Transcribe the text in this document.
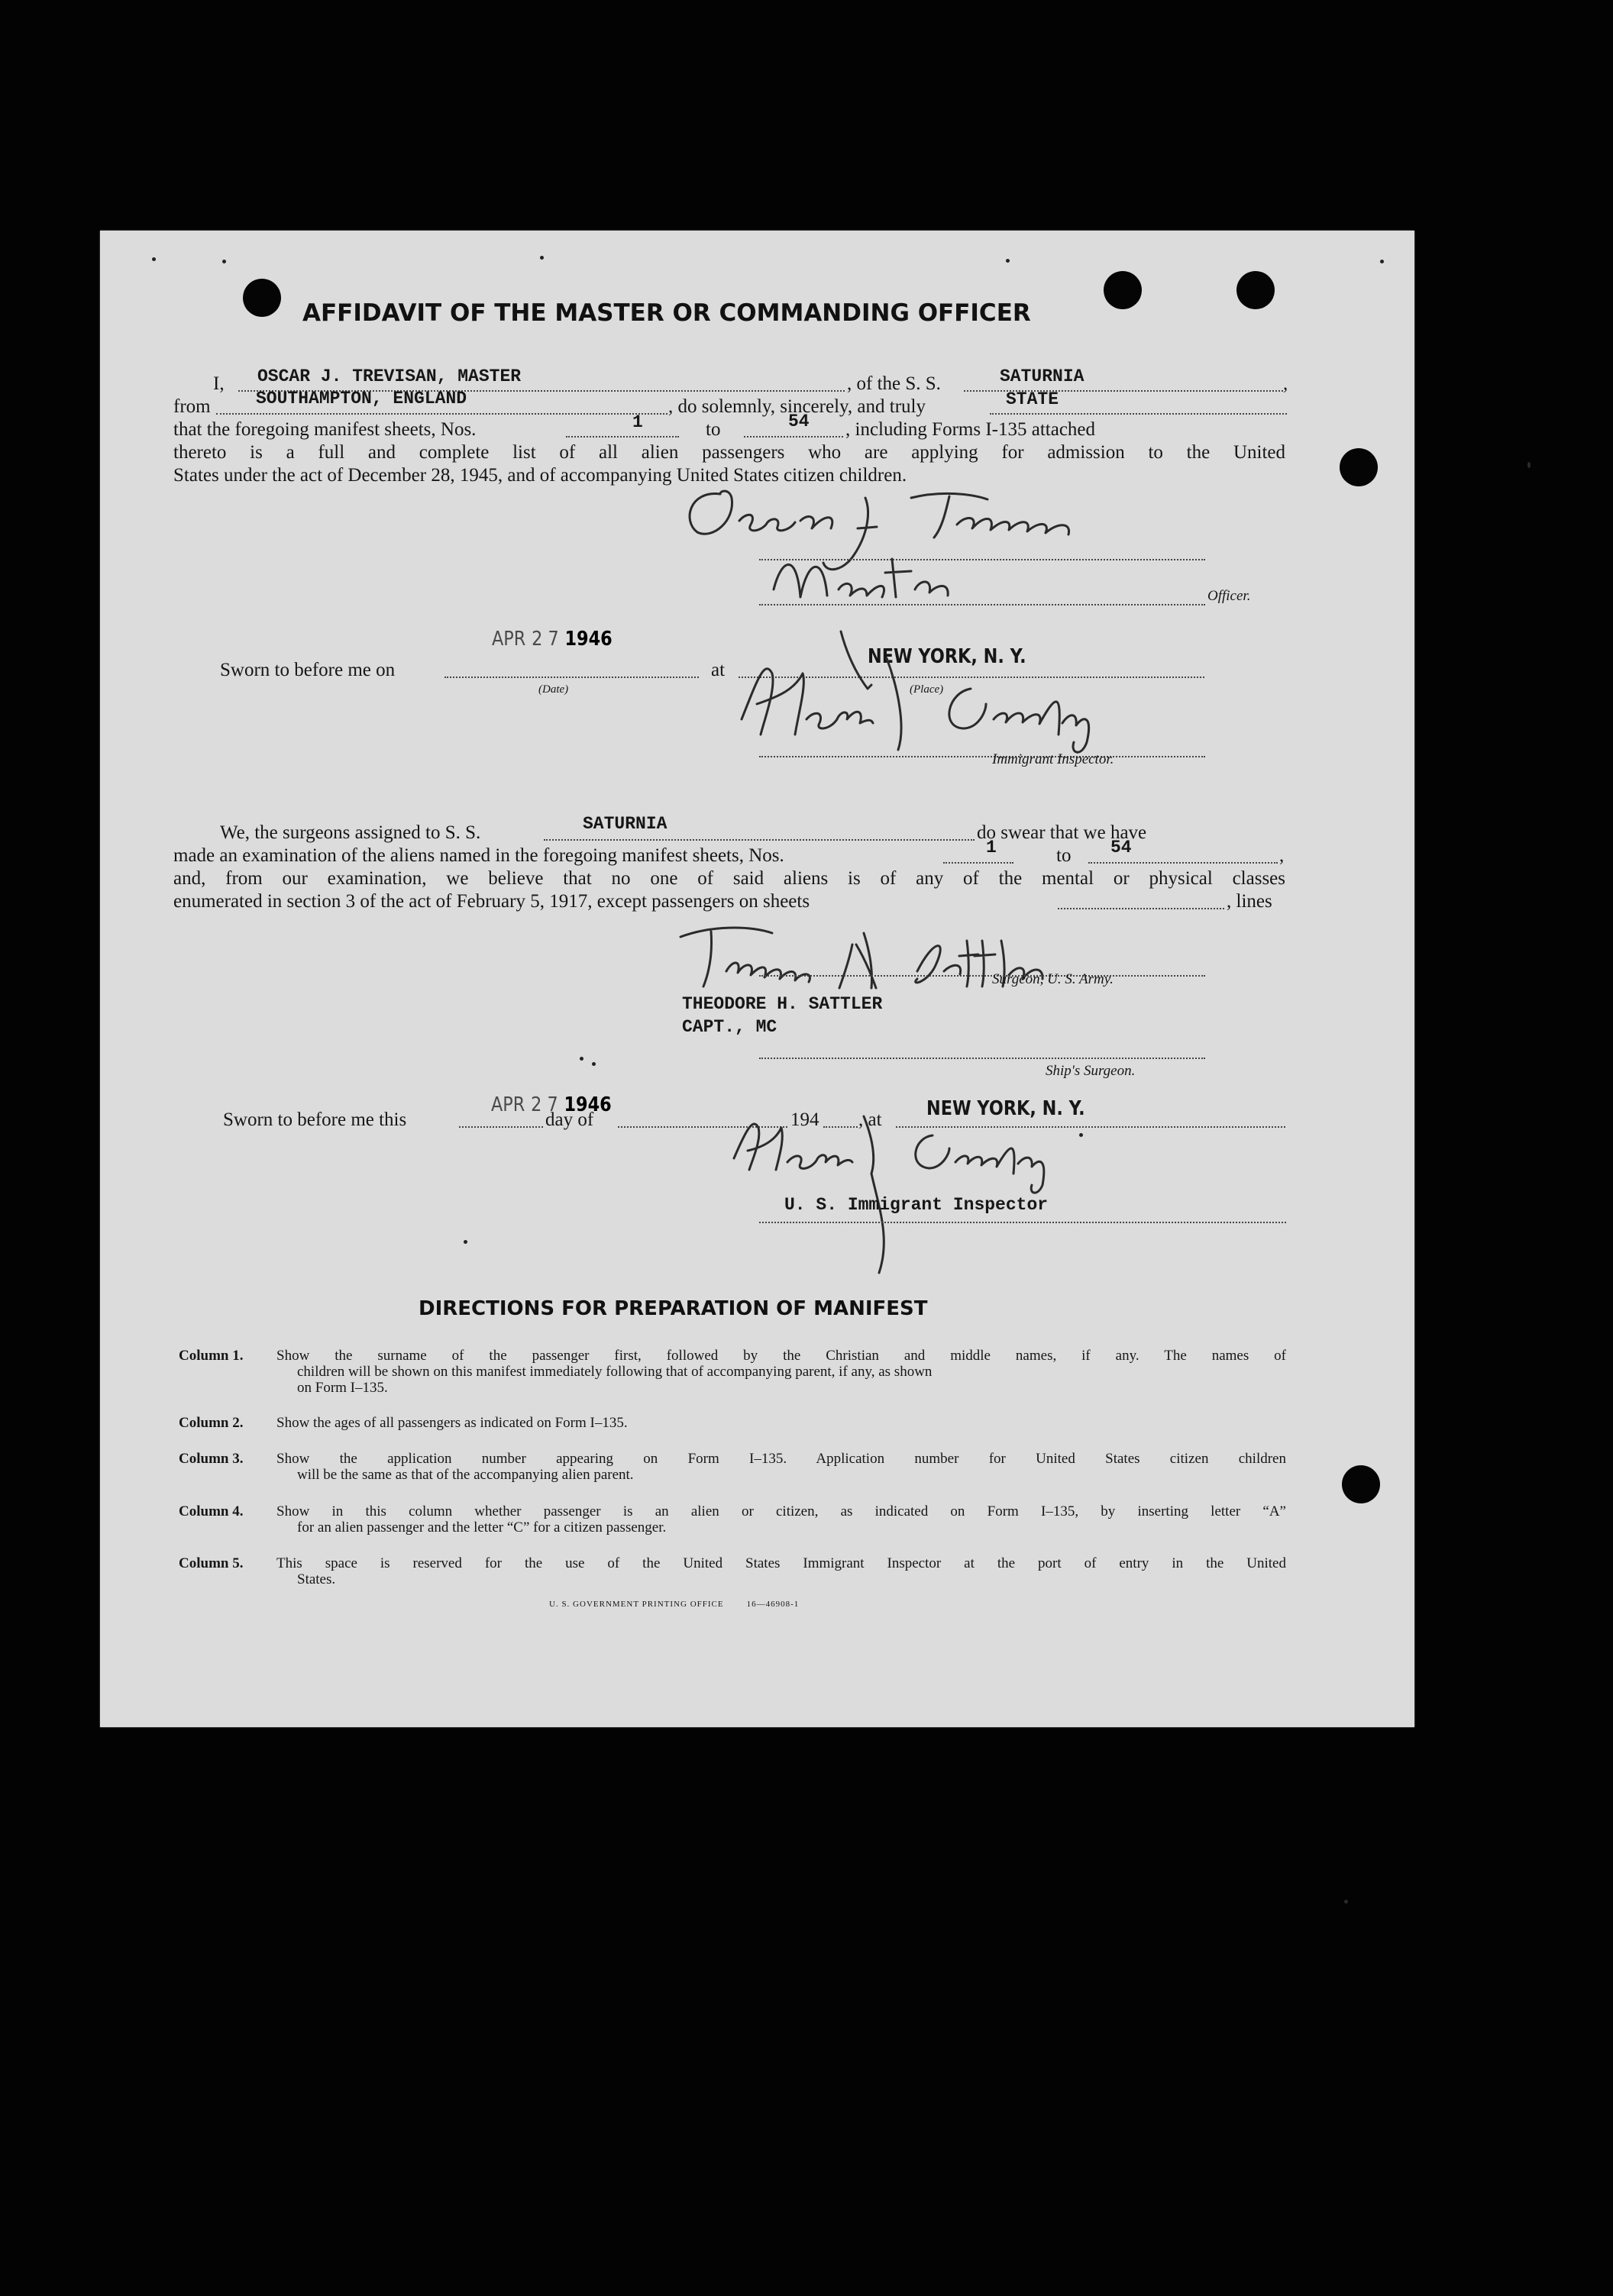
AFFIDAVIT OF THE MASTER OR COMMANDING OFFICER
I, OSCAR J. TREVISAN, MASTER	, of the S. S.	SATURNIA	,
from	SOUTHAMPTON, ENGLAND	, do solemnly, sincerely, and truly	STATE
that the foregoing manifest sheets, Nos.	1	to	54 , including Forms I-135 attached
thereto is a full and complete list of all alien passengers who are applying for admission to the United
States under the act of December 28, 1945, and of accompanying United States citizen children.
Officer.
APR 2 7 1946
Sworn to before me on
(Date)
at
NEW YORK, N. Y.
(Place)
Immigrant Inspector.
We, the surgeons assigned to S. S.	SATURNIA	do swear that we have
made an examination of the aliens named in the foregoing manifest sheets, Nos.	1	to 54	,
and, from our examination, we believe that no one of said aliens is of any of the mental or physical classes
enumerated in section 3 of the act of February 5, 1917, except passengers on sheets	, lines
Surgeon, U. S. Army.
THEODORE H. SATTLER
CAPT., MC
Ship's Surgeon.
Sworn to before me this
APR 2 7 1946
day of	194 , at NEW YORK, N. Y.
U. S. Immigrant Inspector
DIRECTIONS FOR PREPARATION OF MANIFEST
Column 1. Show the surname of the passenger first, followed by the Christian and middle names, if any. The names of
children will be shown on this manifest immediately following that of accompanying parent, if any, as shown
on Form I–135.
Column 2. Show the ages of all passengers as indicated on Form I–135.
Column 3. Show the application number appearing on Form I–135. Application number for United States citizen children
will be the same as that of the accompanying alien parent.
Column 4. Show in this column whether passenger is an alien or citizen, as indicated on Form I–135, by inserting letter “A”
for an alien passenger and the letter “C” for a citizen passenger.
Column 5. This space is reserved for the use of the United States Immigrant Inspector at the port of entry in the United
States.
U. S. GOVERNMENT PRINTING OFFICE	16—46908-1
